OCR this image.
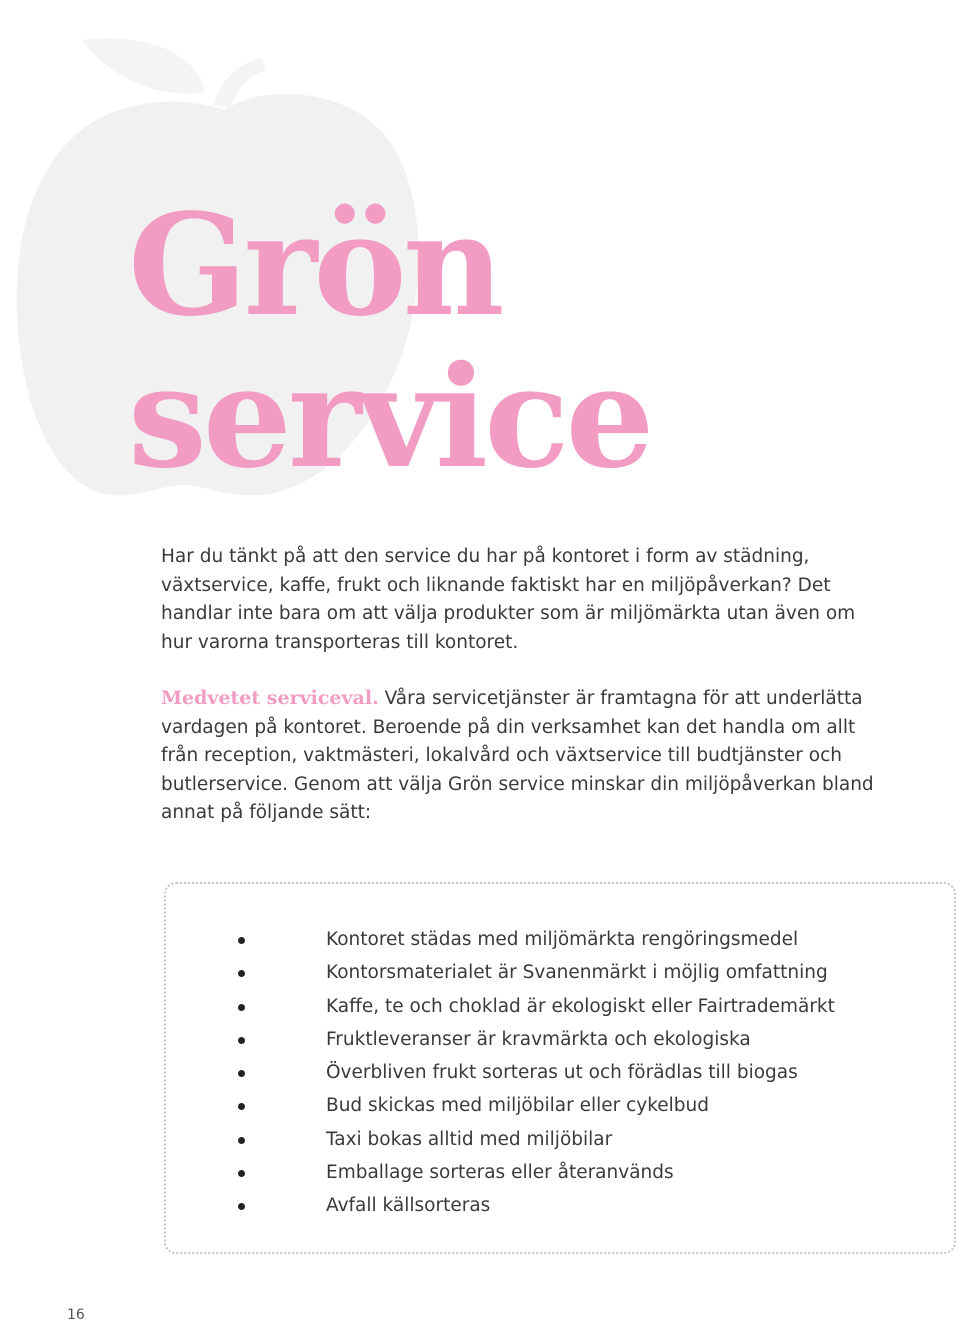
Grön
service

Har du tänkt på att den service du har på kontoret i form av städning, växtservice, kaffe, frukt och liknande faktiskt har en miljöpåverkan? Det handlar inte bara om att välja produkter som är miljömärkta utan även om hur varorna transporteras till kontoret.

Medvetet serviceval. Våra servicetjänster är framtagna för att underlätta vardagen på kontoret. Beroende på din verksamhet kan det handla om allt från reception, vaktmästeri, lokalvård och växtservice till budtjänster och butlerservice. Genom att välja Grön service minskar din miljöpåverkan bland annat på följande sätt:

Kontoret städas med miljömärkta rengöringsmedel
Kontorsmaterialet är Svanenmärkt i möjlig omfattning
Kaffe, te och choklad är ekologiskt eller Fairtrademärkt
Fruktleveranser är kravmärkta och ekologiska
Överbliven frukt sorteras ut och förädlas till biogas
Bud skickas med miljöbilar eller cykelbud
Taxi bokas alltid med miljöbilar
Emballage sorteras eller återanvänds
Avfall källsorteras
16
